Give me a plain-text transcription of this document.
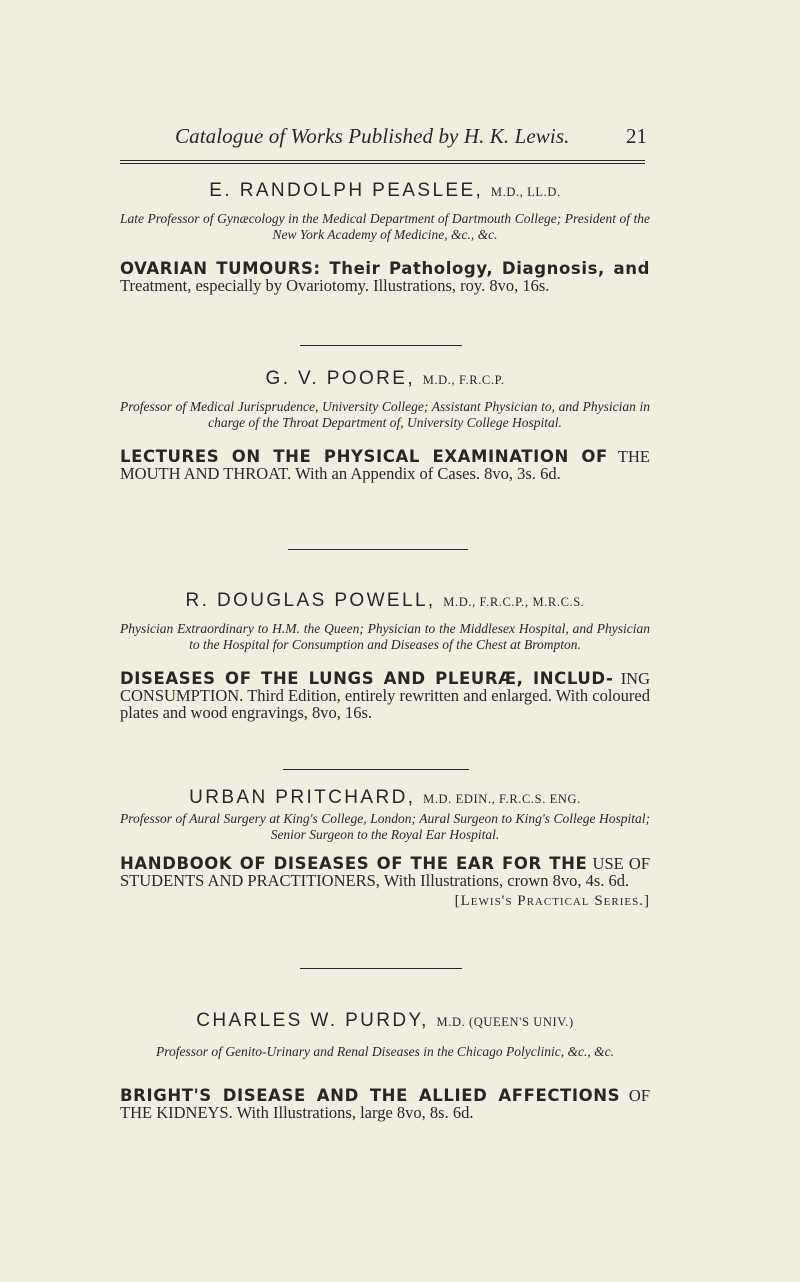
Catalogue of Works Published by H. K. Lewis.	21
E. RANDOLPH PEASLEE, M.D., LL.D.
Late Professor of Gynæcology in the Medical Department of Dartmouth College; President of the New York Academy of Medicine, &c., &c.
OVARIAN TUMOURS: Their Pathology, Diagnosis, and Treatment, especially by Ovariotomy. Illustrations, roy. 8vo, 16s.
G. V. POORE, M.D., F.R.C.P.
Professor of Medical Jurisprudence, University College; Assistant Physician to, and Physician in charge of the Throat Department of, University College Hospital.
LECTURES ON THE PHYSICAL EXAMINATION OF THE MOUTH AND THROAT. With an Appendix of Cases. 8vo, 3s. 6d.
R. DOUGLAS POWELL, M.D., F.R.C.P., M.R.C.S.
Physician Extraordinary to H.M. the Queen; Physician to the Middlesex Hospital, and Physician to the Hospital for Consumption and Diseases of the Chest at Brompton.
DISEASES OF THE LUNGS AND PLEURÆ, INCLUD- ING CONSUMPTION. Third Edition, entirely rewritten and enlarged. With coloured plates and wood engravings, 8vo, 16s.
URBAN PRITCHARD, M.D. EDIN., F.R.C.S. ENG.
Professor of Aural Surgery at King's College, London; Aural Surgeon to King's College Hospital; Senior Surgeon to the Royal Ear Hospital.
HANDBOOK OF DISEASES OF THE EAR FOR THE USE OF STUDENTS AND PRACTITIONERS, With Illustrations, crown 8vo, 4s. 6d.
[Lewis's Practical Series.]
CHARLES W. PURDY, M.D. (QUEEN'S UNIV.)
Professor of Genito-Urinary and Renal Diseases in the Chicago Polyclinic, &c., &c.
BRIGHT'S DISEASE AND THE ALLIED AFFECTIONS OF THE KIDNEYS. With Illustrations, large 8vo, 8s. 6d.
